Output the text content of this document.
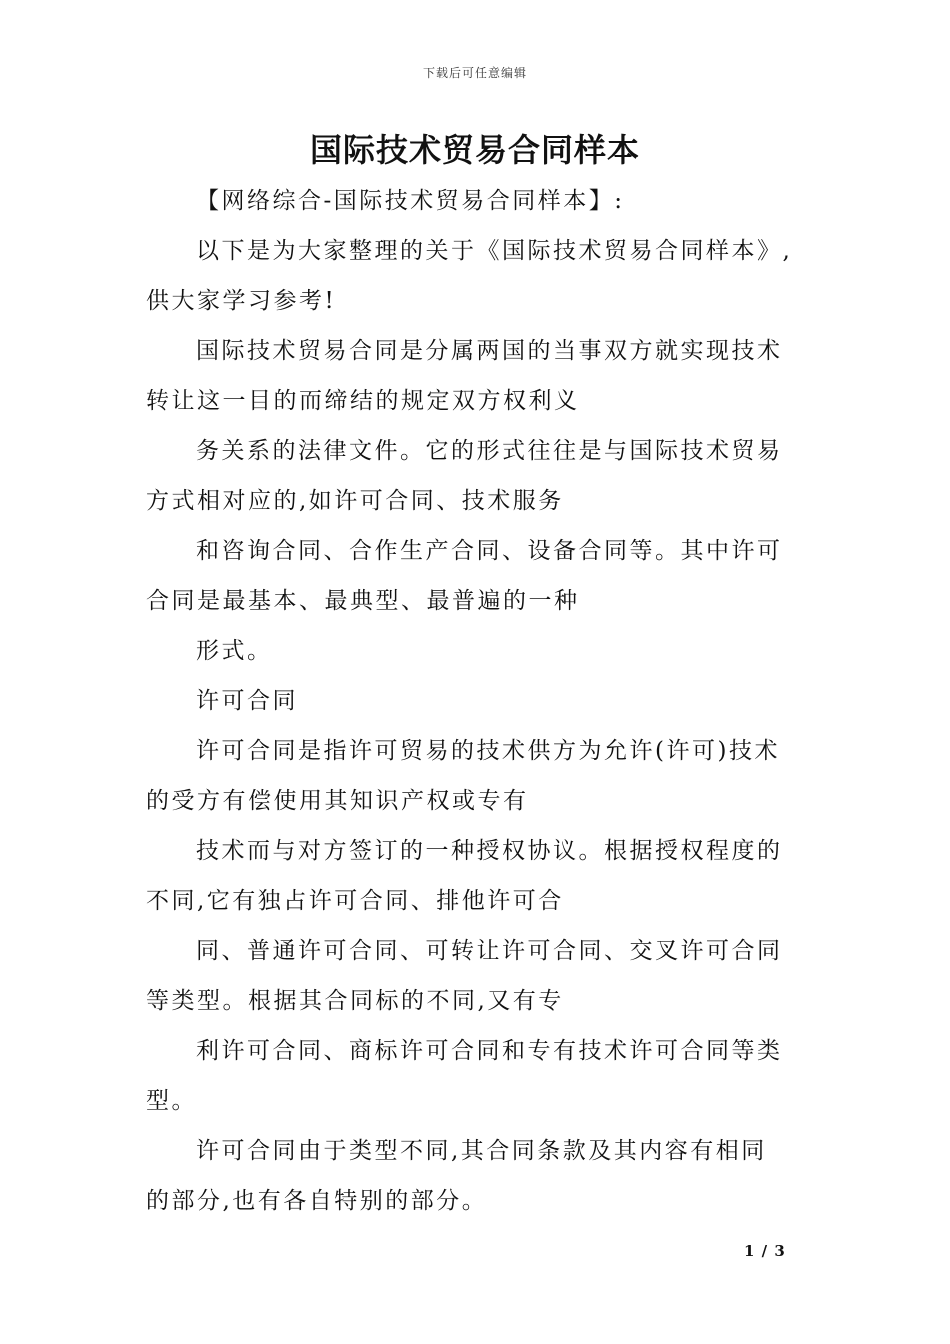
下载后可任意编辑
国际技术贸易合同样本

【网络综合-国际技术贸易合同样本】:

以下是为大家整理的关于《国际技术贸易合同样本》,
供大家学习参考!

国际技术贸易合同是分属两国的当事双方就实现技术
转让这一目的而缔结的规定双方权利义

务关系的法律文件。它的形式往往是与国际技术贸易
方式相对应的,如许可合同、技术服务

和咨询合同、合作生产合同、设备合同等。其中许可
合同是最基本、最典型、最普遍的一种

形式。

许可合同

许可合同是指许可贸易的技术供方为允许(许可)技术
的受方有偿使用其知识产权或专有

技术而与对方签订的一种授权协议。根据授权程度的
不同,它有独占许可合同、排他许可合

同、普通许可合同、可转让许可合同、交叉许可合同
等类型。根据其合同标的不同,又有专

利许可合同、商标许可合同和专有技术许可合同等类
型。

许可合同由于类型不同,其合同条款及其内容有相同
的部分,也有各自特别的部分。

1 / 3
